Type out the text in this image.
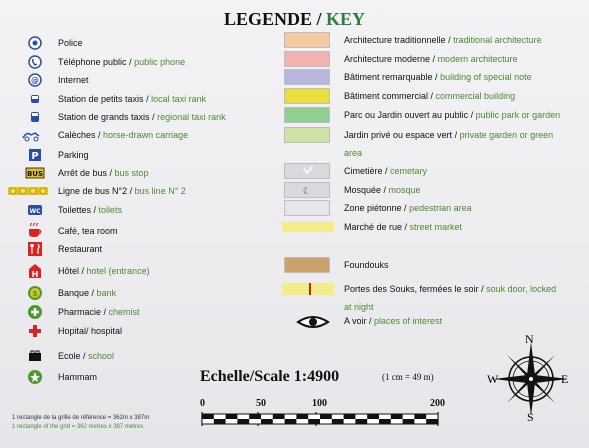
LEGENDE / KEY
Police
Téléphone public / public phone
@ Internet
Station de petits taxis / local taxi rank
Station de grands taxis / regional taxi rank
Calèches / horse-drawn carriage
P Parking
BUS Arrêt de bus / bus stop
Ligne de bus N°2 / bus line N° 2
WC Toilettes / toilets
Café, tea room
Restaurant
H Hôtel / hotel (entrance)
$ Banque / bank
Pharmacie / chemist
Hopital/ hospital
Ecole / school
Hammam
Architecture traditionnelle / traditional architecture
Architecture moderne / modern architecture
Bâtiment remarquable / building of special note
Bâtiment commercial / commercial building
Parc ou Jardin ouvert au public / public park or garden
Jardin privé ou espace vert / private garden or green
area
Cimetière / cemetary
☾	Mosquée / mosque
Zone piétonne / pedestrian area
Marché de rue / street market
Foundouks
Portes des Souks, fermées le soir / souk door, locked
at night
A voir / places of interest
Echelle/Scale 1:4900	(1 cm = 49 m)
0	50	100	200
N
S
E
W
1 rectangle de la grille de référence = 362m x 387m
1 rectangle of the grid = 362 metres x 387 metres
